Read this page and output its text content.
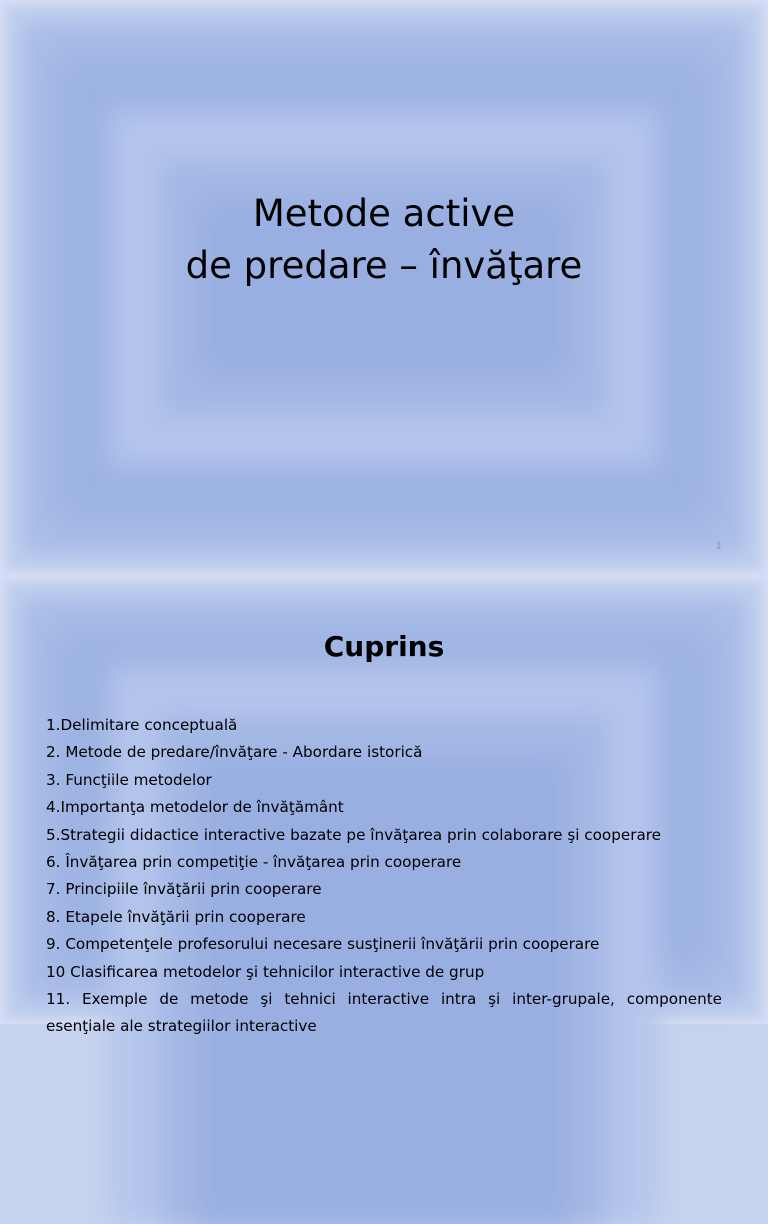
Metode active
de predare – învăţare
1
Cuprins
1.Delimitare conceptuală
2. Metode de predare/învăţare - Abordare istorică
3. Funcţiile metodelor
4.Importanţa metodelor de învăţământ
5.Strategii didactice interactive bazate pe învăţarea prin colaborare şi cooperare
6. Învăţarea prin competiţie - învăţarea prin cooperare
7. Principiile învăţării prin cooperare
8. Etapele învăţării prin cooperare
9. Competenţele profesorului necesare susţinerii învăţării prin cooperare
10 Clasificarea metodelor şi tehnicilor interactive de grup
11. Exemple de metode şi tehnici interactive intra şi inter-grupale, componente esenţiale ale strategiilor interactive
